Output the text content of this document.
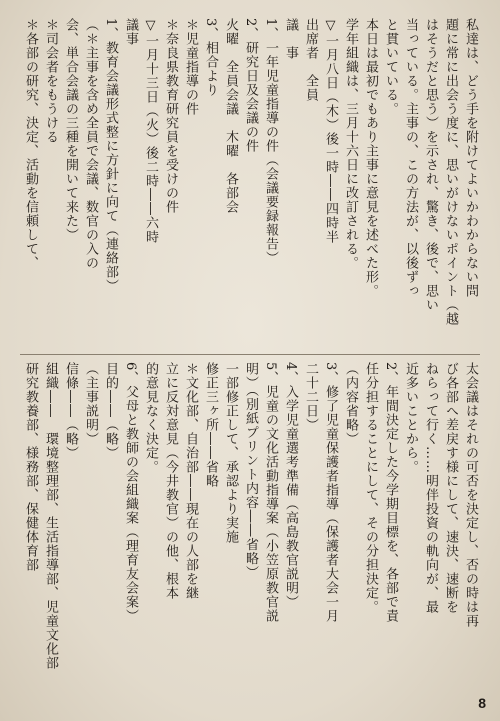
私達は、どう手を附けてよいかわからない問
題に常に出会う度に、思いがけないポイント（越
はそうだと思う）を示され、驚き、後で、思い
当っている。主事の、この方法が、以後ずっ
と貫いている。
本日は最初でもあり主事に意見を述べた形。
学年組織は、三月十六日に改訂される。
▽一月八日（木）後一時――四時半
出席者　全員
議　事
1、一年児童指導の件（会議要録報告）
2、研究日及会議の件
火曜　全員会議　木曜　各部会
3、相合より
＊児童指導の件
＊奈良県教育研究員を受けの件
▽一月十三日（火）後二時――六時
議事
1、教育会議形式整に方針に向て（連絡部）
（＊主事を含め全員で会議、数官の入の
会、単合会議の三種を開いて来た）
＊司会者をもうける
＊各部の研究、決定、活動を信頼して、
太会議はそれの可否を決定し、否の時は再
び各部へ差戻す様にして、速決、速断を
ねらって行く……明伴投資の軌向が、最
近多いことから。
2、年間決定した今学期目標を、各部で責
任分担することにして、その分担決定。
（内容省略）
3、修了児童保護者指導（保護者大会一月
二十二日）
4、入学児童選考準備（高島教官説明）
5、児童の文化活動指導案（小笠原教官説
明）（別紙プリント内容――省略）
一部修正して、承認より実施
修正三ヶ所――省略
＊文化部、自治部――現在の人部を継
立に反対意見（今井教官）の他、根本
的意見なく決定。
6、父母と教師の会組織案（理育友会案）
目的――（略）
（主事説明）
信條――（略）
組織――　環境整理部、生活指導部、児童文化部
研究教養部、様務部、保健体育部
8
